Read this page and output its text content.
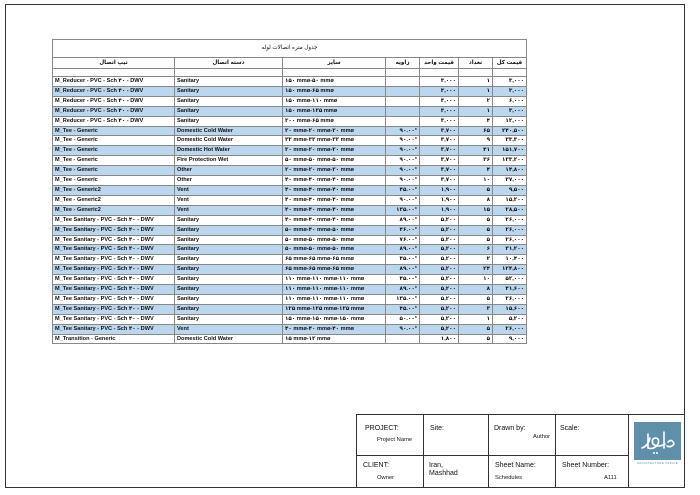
جدول متره اتصالات لوله						
تیپ اتصال	دسته اتصال	سایز	زاویه	قیمت واحد	تعداد	قیمت کل

M_Reducer - PVC - Sch ۴۰ - DWV	Sanitary	۱۵۰ mmø-۵۰ mmø		۳,۰۰۰	۱	۳,۰۰۰
M_Reducer - PVC - Sch ۴۰ - DWV	Sanitary	۱۵۰ mmø-۶۵ mmø		۳,۰۰۰	۱	۳,۰۰۰
M_Reducer - PVC - Sch ۴۰ - DWV	Sanitary	۱۵۰ mmø-۱۱۰ mmø		۳,۰۰۰	۲	۶,۰۰۰
M_Reducer - PVC - Sch ۴۰ - DWV	Sanitary	۱۵۰ mmø-۱۲۵ mmø		۳,۰۰۰	۱	۳,۰۰۰
M_Reducer - PVC - Sch ۴۰ - DWV	Sanitary	۲۰۰ mmø-۶۵ mmø		۳,۰۰۰	۴	۱۲,۰۰۰
M_Tee - Generic	Domestic Cold Water	۲۰ mmø-۲۰ mmø-۲۰ mmø	۹۰.۰۰°	۳,۷۰۰	۶۵	۲۴۰,۵۰۰
M_Tee - Generic	Domestic Cold Water	۳۲ mmø-۳۲ mmø-۳۲ mmø	۹۰.۰۰°	۳,۷۰۰	۹	۳۳,۳۰۰
M_Tee - Generic	Domestic Hot Water	۲۰ mmø-۲۰ mmø-۲۰ mmø	۹۰.۰۰°	۳,۷۰۰	۴۱	۱۵۱,۷۰۰
M_Tee - Generic	Fire Protection Wet	۵۰ mmø-۵۰ mmø-۵۰ mmø	۹۰.۰۰°	۳,۷۰۰	۳۶	۱۳۳,۲۰۰
M_Tee - Generic	Other	۲۰ mmø-۲۰ mmø-۲۰ mmø	۹۰.۰۰°	۳,۷۰۰	۴	۱۴,۸۰۰
M_Tee - Generic	Other	۴۰ mmø-۴۰ mmø-۴۰ mmø	۹۰.۰۰°	۳,۷۰۰	۱۰	۳۷,۰۰۰
M_Tee - Generic2	Vent	۴۰ mmø-۴۰ mmø-۴۰ mmø	۴۵.۰۰°	۱,۹۰۰	۵	۹,۵۰۰
M_Tee - Generic2	Vent	۴۰ mmø-۴۰ mmø-۴۰ mmø	۹۰.۰۰°	۱,۹۰۰	۸	۱۵,۲۰۰
M_Tee - Generic2	Vent	۴۰ mmø-۴۰ mmø-۴۰ mmø	۱۳۵.۰۰°	۱,۹۰۰	۱۵	۲۸,۵۰۰
M_Tee Sanitary - PVC - Sch ۴۰ - DWV	Sanitary	۴۰ mmø-۴۰ mmø-۴۰ mmø	۸۹.۰۰°	۵,۲۰۰	۵	۲۶,۰۰۰
M_Tee Sanitary - PVC - Sch ۴۰ - DWV	Sanitary	۵۰ mmø-۴۰ mmø-۵۰ mmø	۴۶.۰۰°	۵,۲۰۰	۵	۲۶,۰۰۰
M_Tee Sanitary - PVC - Sch ۴۰ - DWV	Sanitary	۵۰ mmø-۵۰ mmø-۵۰ mmø	۷۶.۰۰°	۵,۲۰۰	۵	۲۶,۰۰۰
M_Tee Sanitary - PVC - Sch ۴۰ - DWV	Sanitary	۵۰ mmø-۵۰ mmø-۵۰ mmø	۸۹.۰۰°	۵,۲۰۰	۶	۳۱,۲۰۰
M_Tee Sanitary - PVC - Sch ۴۰ - DWV	Sanitary	۶۵ mmø-۶۵ mmø-۶۵ mmø	۴۵.۰۰°	۵,۲۰۰	۲	۱۰,۴۰۰
M_Tee Sanitary - PVC - Sch ۴۰ - DWV	Sanitary	۶۵ mmø-۶۵ mmø-۶۵ mmø	۸۹.۰۰°	۵,۲۰۰	۲۴	۱۲۴,۸۰۰
M_Tee Sanitary - PVC - Sch ۴۰ - DWV	Sanitary	۱۱۰ mmø-۱۱۰ mmø-۱۱۰ mmø	۴۵.۰۰°	۵,۲۰۰	۱۰	۵۲,۰۰۰
M_Tee Sanitary - PVC - Sch ۴۰ - DWV	Sanitary	۱۱۰ mmø-۱۱۰ mmø-۱۱۰ mmø	۸۹.۰۰°	۵,۲۰۰	۸	۴۱,۶۰۰
M_Tee Sanitary - PVC - Sch ۴۰ - DWV	Sanitary	۱۱۰ mmø-۱۱۰ mmø-۱۱۰ mmø	۱۳۵.۰۰°	۵,۲۰۰	۵	۲۶,۰۰۰
M_Tee Sanitary - PVC - Sch ۴۰ - DWV	Sanitary	۱۲۵ mmø-۱۲۵ mmø-۱۲۵ mmø	۴۵.۰۰°	۵,۲۰۰	۳	۱۵,۶۰۰
M_Tee Sanitary - PVC - Sch ۴۰ - DWV	Sanitary	۱۵۰ mmø-۱۵۰ mmø-۱۵۰ mmø	۵۰.۰۰°	۵,۲۰۰	۱	۵,۲۰۰
M_Tee Sanitary - PVC - Sch ۴۰ - DWV	Vent	۴۰ mmø-۴۰ mmø-۴۰ mmø	۹۰.۰۰°	۵,۲۰۰	۵	۲۶,۰۰۰
M_Transition - Generic	Domestic Cold Water	۱۵ mmø-۱۲ mmø		۱,۸۰۰	۵	۹,۰۰۰
PROJECT:
Project Name
Site:	Drawn by:
Author
Scale:
CLIENT:
Owner
Iran, Mashhad
Sheet Name:
Schedules
Sheet Number:
A111
ARCHITECTURE OFFICE
